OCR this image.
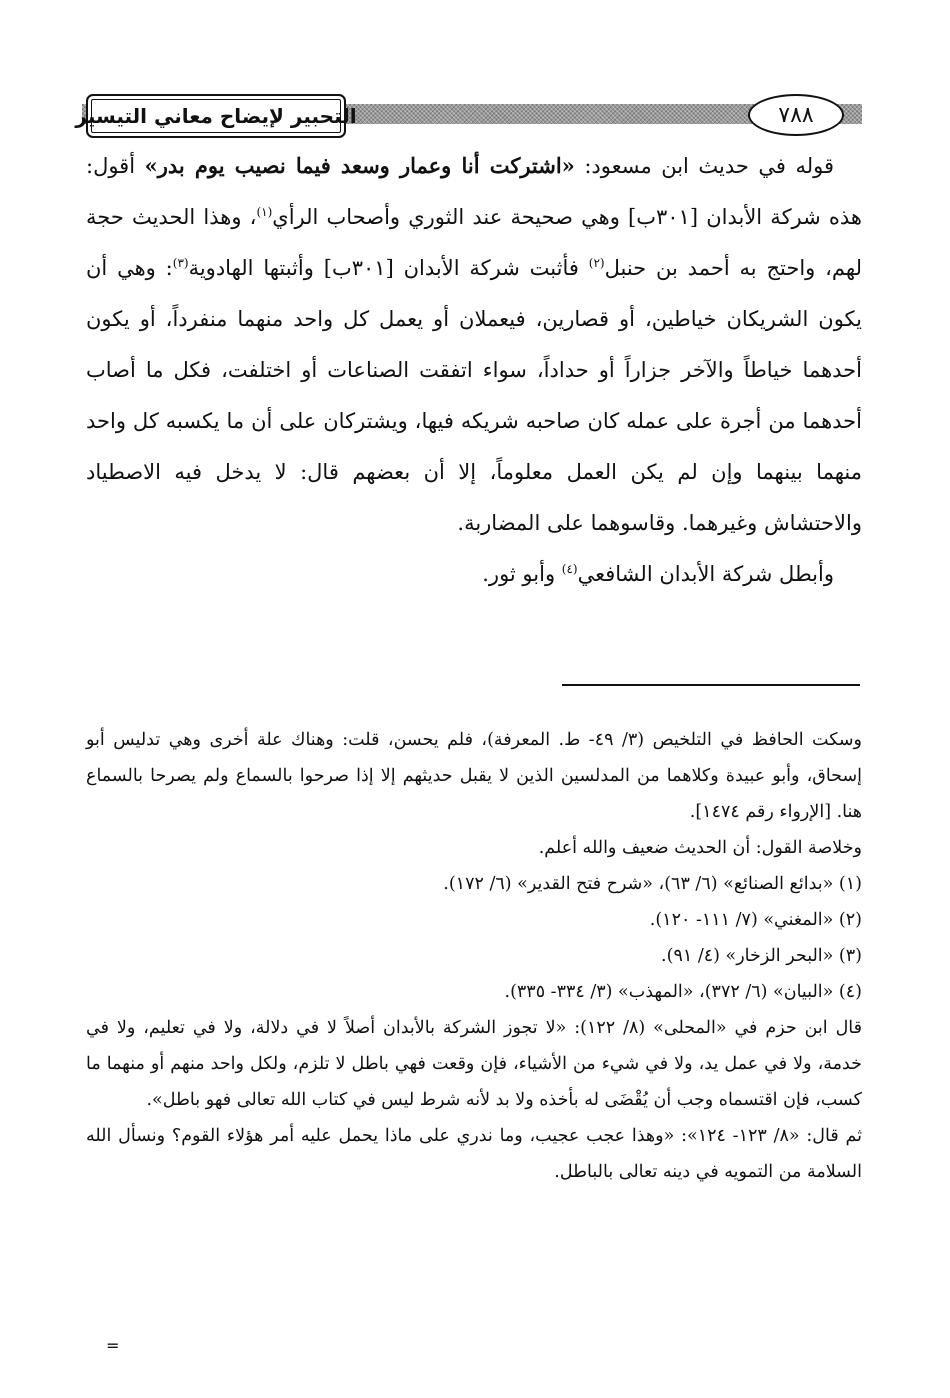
التحبير لإيضاح معاني التيسير	٧٨٨

قوله في حديث ابن مسعود: «اشتركت أنا وعمار وسعد فيما نصيب يوم بدر» أقول: هذه شركة الأبدان [٣٠١ب] وهي صحيحة عند الثوري وأصحاب الرأي$^{(١)}$، وهذا الحديث حجة لهم، واحتج به أحمد بن حنبل$^{(٢)}$ فأثبت شركة الأبدان [٣٠١ب] وأثبتها الهادوية$^{(٣)}$: وهي أن يكون الشريكان خياطين، أو قصارين، فيعملان أو يعمل كل واحد منهما منفرداً، أو يكون أحدهما خياطاً والآخر جزاراً أو حداداً، سواء اتفقت الصناعات أو اختلفت، فكل ما أصاب أحدهما من أجرة على عمله كان صاحبه شريكه فيها، ويشتركان على أن ما يكسبه كل واحد منهما بينهما وإن لم يكن العمل معلوماً، إلا أن بعضهم قال: لا يدخل فيه الاصطياد والاحتشاش وغيرهما. وقاسوهما على المضاربة.

وأبطل شركة الأبدان الشافعي$^{(٤)}$ وأبو ثور.

وسكت الحافظ في التلخيص (٣/ ٤٩- ط. المعرفة)، فلم يحسن، قلت: وهناك علة أخرى وهي تدليس أبو إسحاق، وأبو عبيدة وكلاهما من المدلسين الذين لا يقبل حديثهم إلا إذا صرحوا بالسماع ولم يصرحا بالسماع هنا. [الإرواء رقم ١٤٧٤].

وخلاصة القول: أن الحديث ضعيف والله أعلم.

(١) «بدائع الصنائع» (٦/ ٦٣)، «شرح فتح القدير» (٦/ ١٧٢).

(٢) «المغني» (٧/ ١١١- ١٢٠).

(٣) «البحر الزخار» (٤/ ٩١).

(٤) «البيان» (٦/ ٣٧٢)، «المهذب» (٣/ ٣٣٤- ٣٣٥).

قال ابن حزم في «المحلى» (٨/ ١٢٢): «لا تجوز الشركة بالأبدان أصلاً لا في دلالة، ولا في تعليم، ولا في خدمة، ولا في عمل يد، ولا في شيء من الأشياء، فإن وقعت فهي باطل لا تلزم، ولكل واحد منهم أو منهما ما كسب، فإن اقتسماه وجب أن يُقْضَى له بأخذه ولا بد لأنه شرط ليس في كتاب الله تعالى فهو باطل».

ثم قال: «٨/ ١٢٣- ١٢٤»: «وهذا عجب عجيب، وما ندري على ماذا يحمل عليه أمر هؤلاء القوم؟ ونسأل الله السلامة من التمويه في دينه تعالى بالباطل.

=
